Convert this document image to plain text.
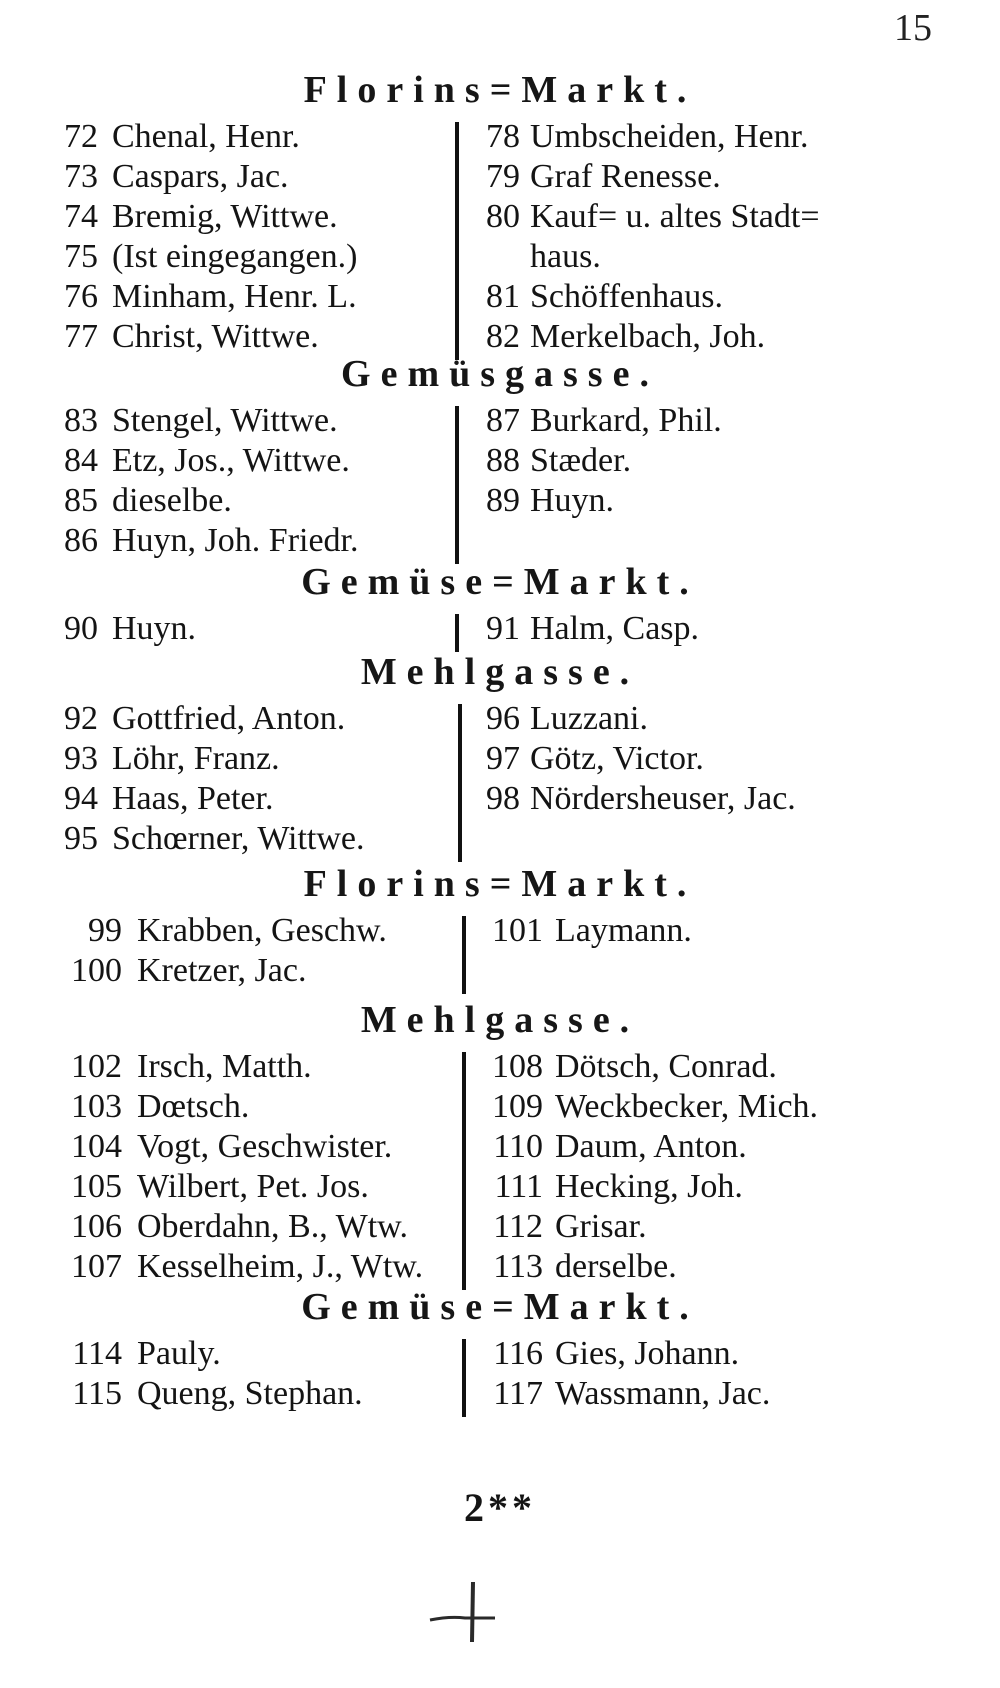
15
2**
Florins=Markt.
72 Chenal, Henr.
73 Caspars, Jac.
74 Bremig, Wittwe.
75 (Ist eingegangen.)
76 Minham, Henr. L.
77 Christ, Wittwe.
78 Umbscheiden, Henr.
79 Graf Renesse.
80 Kauf= u. altes Stadt=
haus.
81 Schöffenhaus.
82 Merkelbach, Joh.
Gemüsgasse.
83 Stengel, Wittwe.
84 Etz, Jos., Wittwe.
85 dieselbe.
86 Huyn, Joh. Friedr.
87 Burkard, Phil.
88 Stæder.
89 Huyn.
Gemüse=Markt.
90 Huyn.	91 Halm, Casp.
Mehlgasse.
92 Gottfried, Anton.
93 Löhr, Franz.
94 Haas, Peter.
95 Schœrner, Wittwe.
96 Luzzani.
97 Götz, Victor.
98 Nördersheuser, Jac.
Florins=Markt.
99 Krabben, Geschw.
100 Kretzer, Jac.
101 Laymann.
Mehlgasse.
102 Irsch, Matth.
103 Dœtsch.
104 Vogt, Geschwister.
105 Wilbert, Pet. Jos.
106 Oberdahn, B., Wtw.
107 Kesselheim, J., Wtw.
108 Dötsch, Conrad.
109 Weckbecker, Mich.
110 Daum, Anton.
111 Hecking, Joh.
112 Grisar.
113 derselbe.
Gemüse=Markt.
114 Pauly.
115 Queng, Stephan.
116 Gies, Johann.
117 Wassmann, Jac.
